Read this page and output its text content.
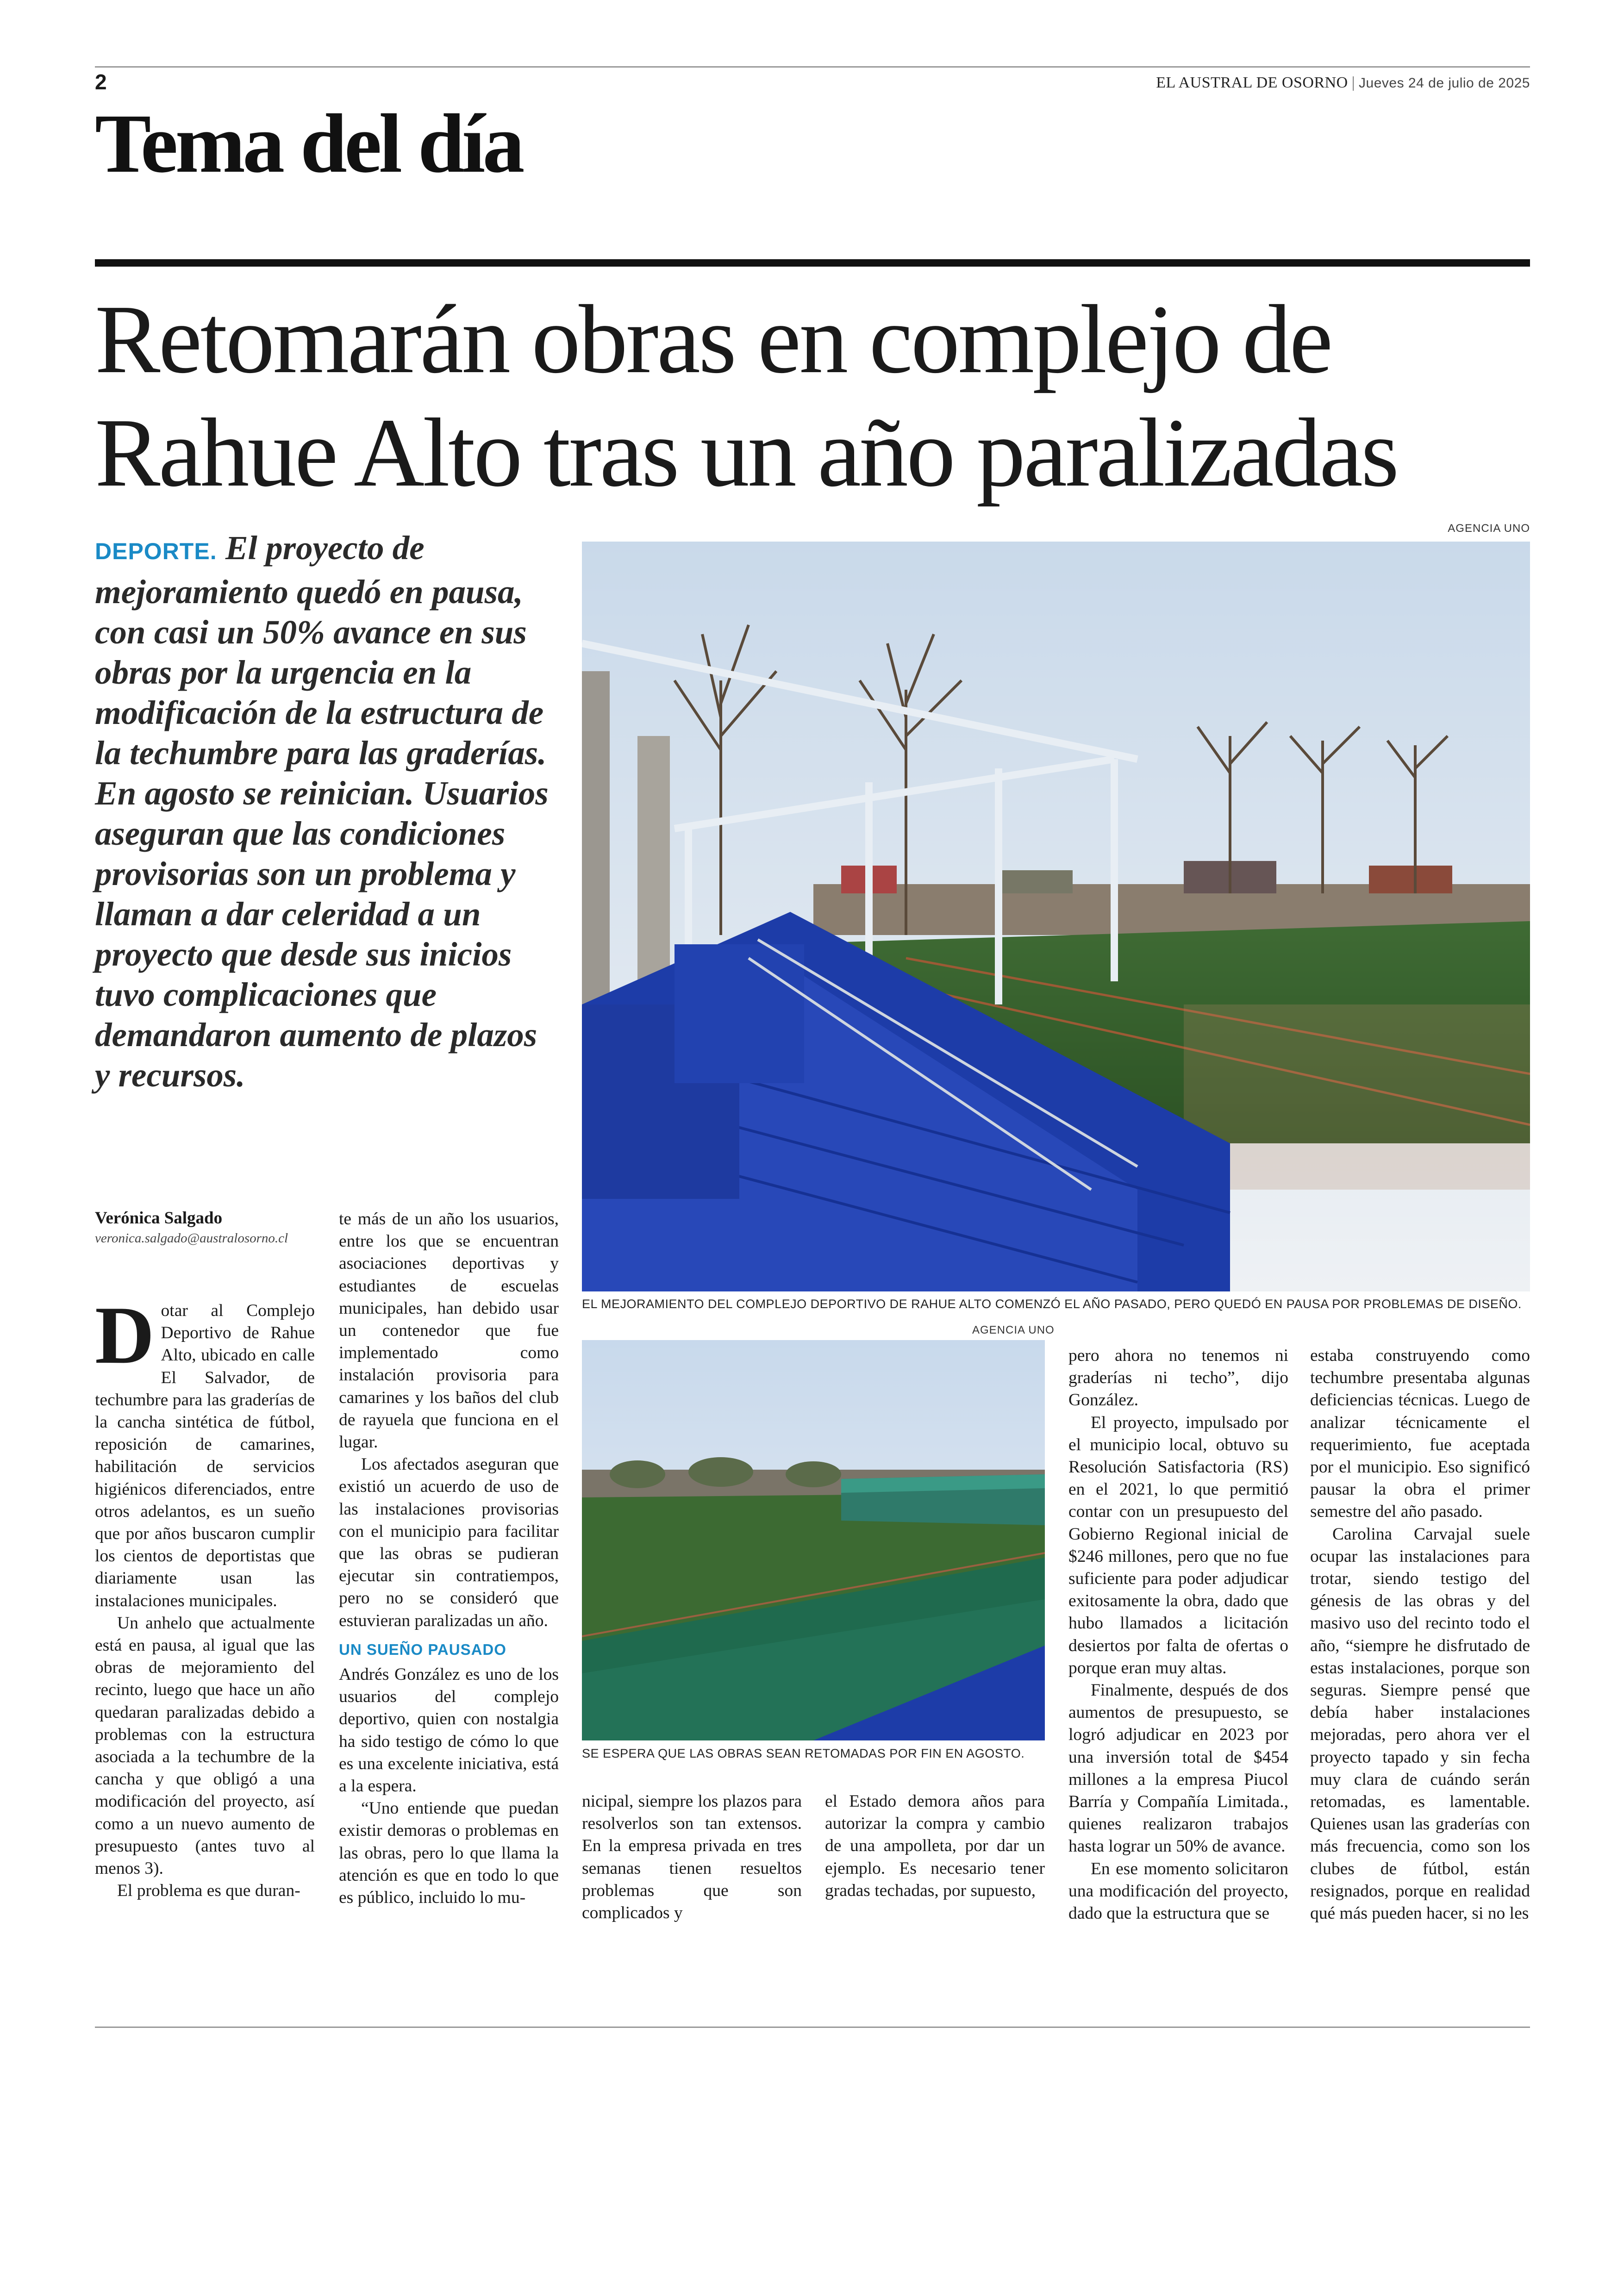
2	EL AUSTRAL DE OSORNO | Jueves 24 de julio de 2025
Tema del día
Retomarán obras en complejo de Rahue Alto tras un año paralizadas
DEPORTE. El proyecto de mejoramiento quedó en pausa, con casi un 50% avance en sus obras por la urgencia en la modificación de la estructura de la techumbre para las graderías. En agosto se reinician. Usuarios aseguran que las condiciones provisorias son un problema y llaman a dar celeridad a un proyecto que desde sus inicios tuvo complicaciones que demandaron aumento de plazos y recursos.
AGENCIA UNO
EL MEJORAMIENTO DEL COMPLEJO DEPORTIVO DE RAHUE ALTO COMENZÓ EL AÑO PASADO, PERO QUEDÓ EN PAUSA POR PROBLEMAS DE DISEÑO.
AGENCIA UNO
SE ESPERA QUE LAS OBRAS SEAN RETOMADAS POR FIN EN AGOSTO.
Verónica Salgado
veronica.salgado@australosorno.cl

Dotar al Complejo Deportivo de Rahue Alto, ubicado en calle El Salvador, de techumbre para las graderías de la cancha sintética de fútbol, reposición de camarines, habilitación de servicios higiénicos diferenciados, entre otros adelantos, es un sueño que por años buscaron cumplir los cientos de deportistas que diariamente usan las instalaciones municipales.

Un anhelo que actualmente está en pausa, al igual que las obras de mejoramiento del recinto, luego que hace un año quedaran paralizadas debido a problemas con la estructura asociada a la techumbre de la cancha y que obligó a una modificación del proyecto, así como a un nuevo aumento de presupuesto (antes tuvo al menos 3).

El problema es que duran-

te más de un año los usuarios, entre los que se encuentran asociaciones deportivas y estudiantes de escuelas municipales, han debido usar un contenedor que fue implementado como instalación provisoria para camarines y los baños del club de rayuela que funciona en el lugar.

Los afectados aseguran que existió un acuerdo de uso de las instalaciones provisorias con el municipio para facilitar que las obras se pudieran ejecutar sin contratiempos, pero no se consideró que estuvieran paralizadas un año.

UN SUEÑO PAUSADO

Andrés González es uno de los usuarios del complejo deportivo, quien con nostalgia ha sido testigo de cómo lo que es una excelente iniciativa, está a la espera.

“Uno entiende que puedan existir demoras o problemas en las obras, pero lo que llama la atención es que en todo lo que es público, incluido lo mu-

nicipal, siempre los plazos para resolverlos son tan extensos. En la empresa privada en tres semanas tienen resueltos problemas que son complicados y

el Estado demora años para autorizar la compra y cambio de una ampolleta, por dar un ejemplo. Es necesario tener gradas techadas, por supuesto,

pero ahora no tenemos ni graderías ni techo”, dijo González.

El proyecto, impulsado por el municipio local, obtuvo su Resolución Satisfactoria (RS) en el 2021, lo que permitió contar con un presupuesto del Gobierno Regional inicial de $246 millones, pero que no fue suficiente para poder adjudicar exitosamente la obra, dado que hubo llamados a licitación desiertos por falta de ofertas o porque eran muy altas.

Finalmente, después de dos aumentos de presupuesto, se logró adjudicar en 2023 por una inversión total de $454 millones a la empresa Piucol Barría y Compañía Limitada., quienes realizaron trabajos hasta lograr un 50% de avance.

En ese momento solicitaron una modificación del proyecto, dado que la estructura que se

estaba construyendo como techumbre presentaba algunas deficiencias técnicas. Luego de analizar técnicamente el requerimiento, fue aceptada por el municipio. Eso significó pausar la obra el primer semestre del año pasado.

Carolina Carvajal suele ocupar las instalaciones para trotar, siendo testigo del génesis de las obras y del masivo uso del recinto todo el año, “siempre he disfrutado de estas instalaciones, porque son seguras. Siempre pensé que debía haber instalaciones mejoradas, pero ahora ver el proyecto tapado y sin fecha muy clara de cuándo serán retomadas, es lamentable. Quienes usan las graderías con más frecuencia, como son los clubes de fútbol, están resignados, porque en realidad qué más pueden hacer, si no les
